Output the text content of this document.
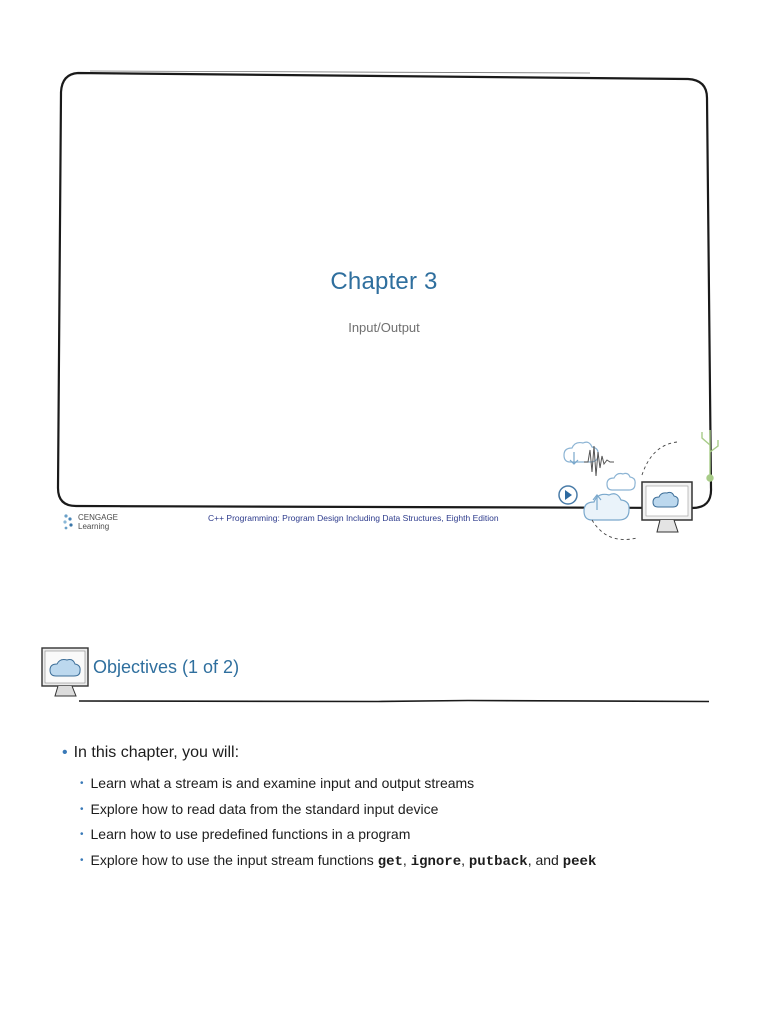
Chapter 3
Input/Output
CENGAGE
Learning
C++ Programming: Program Design Including Data Structures, Eighth Edition
Objectives (1 of 2)
• In this chapter, you will:
• Learn what a stream is and examine input and output streams
• Explore how to read data from the standard input device
• Learn how to use predefined functions in a program
• Explore how to use the input stream functions get, ignore, putback, and peek
